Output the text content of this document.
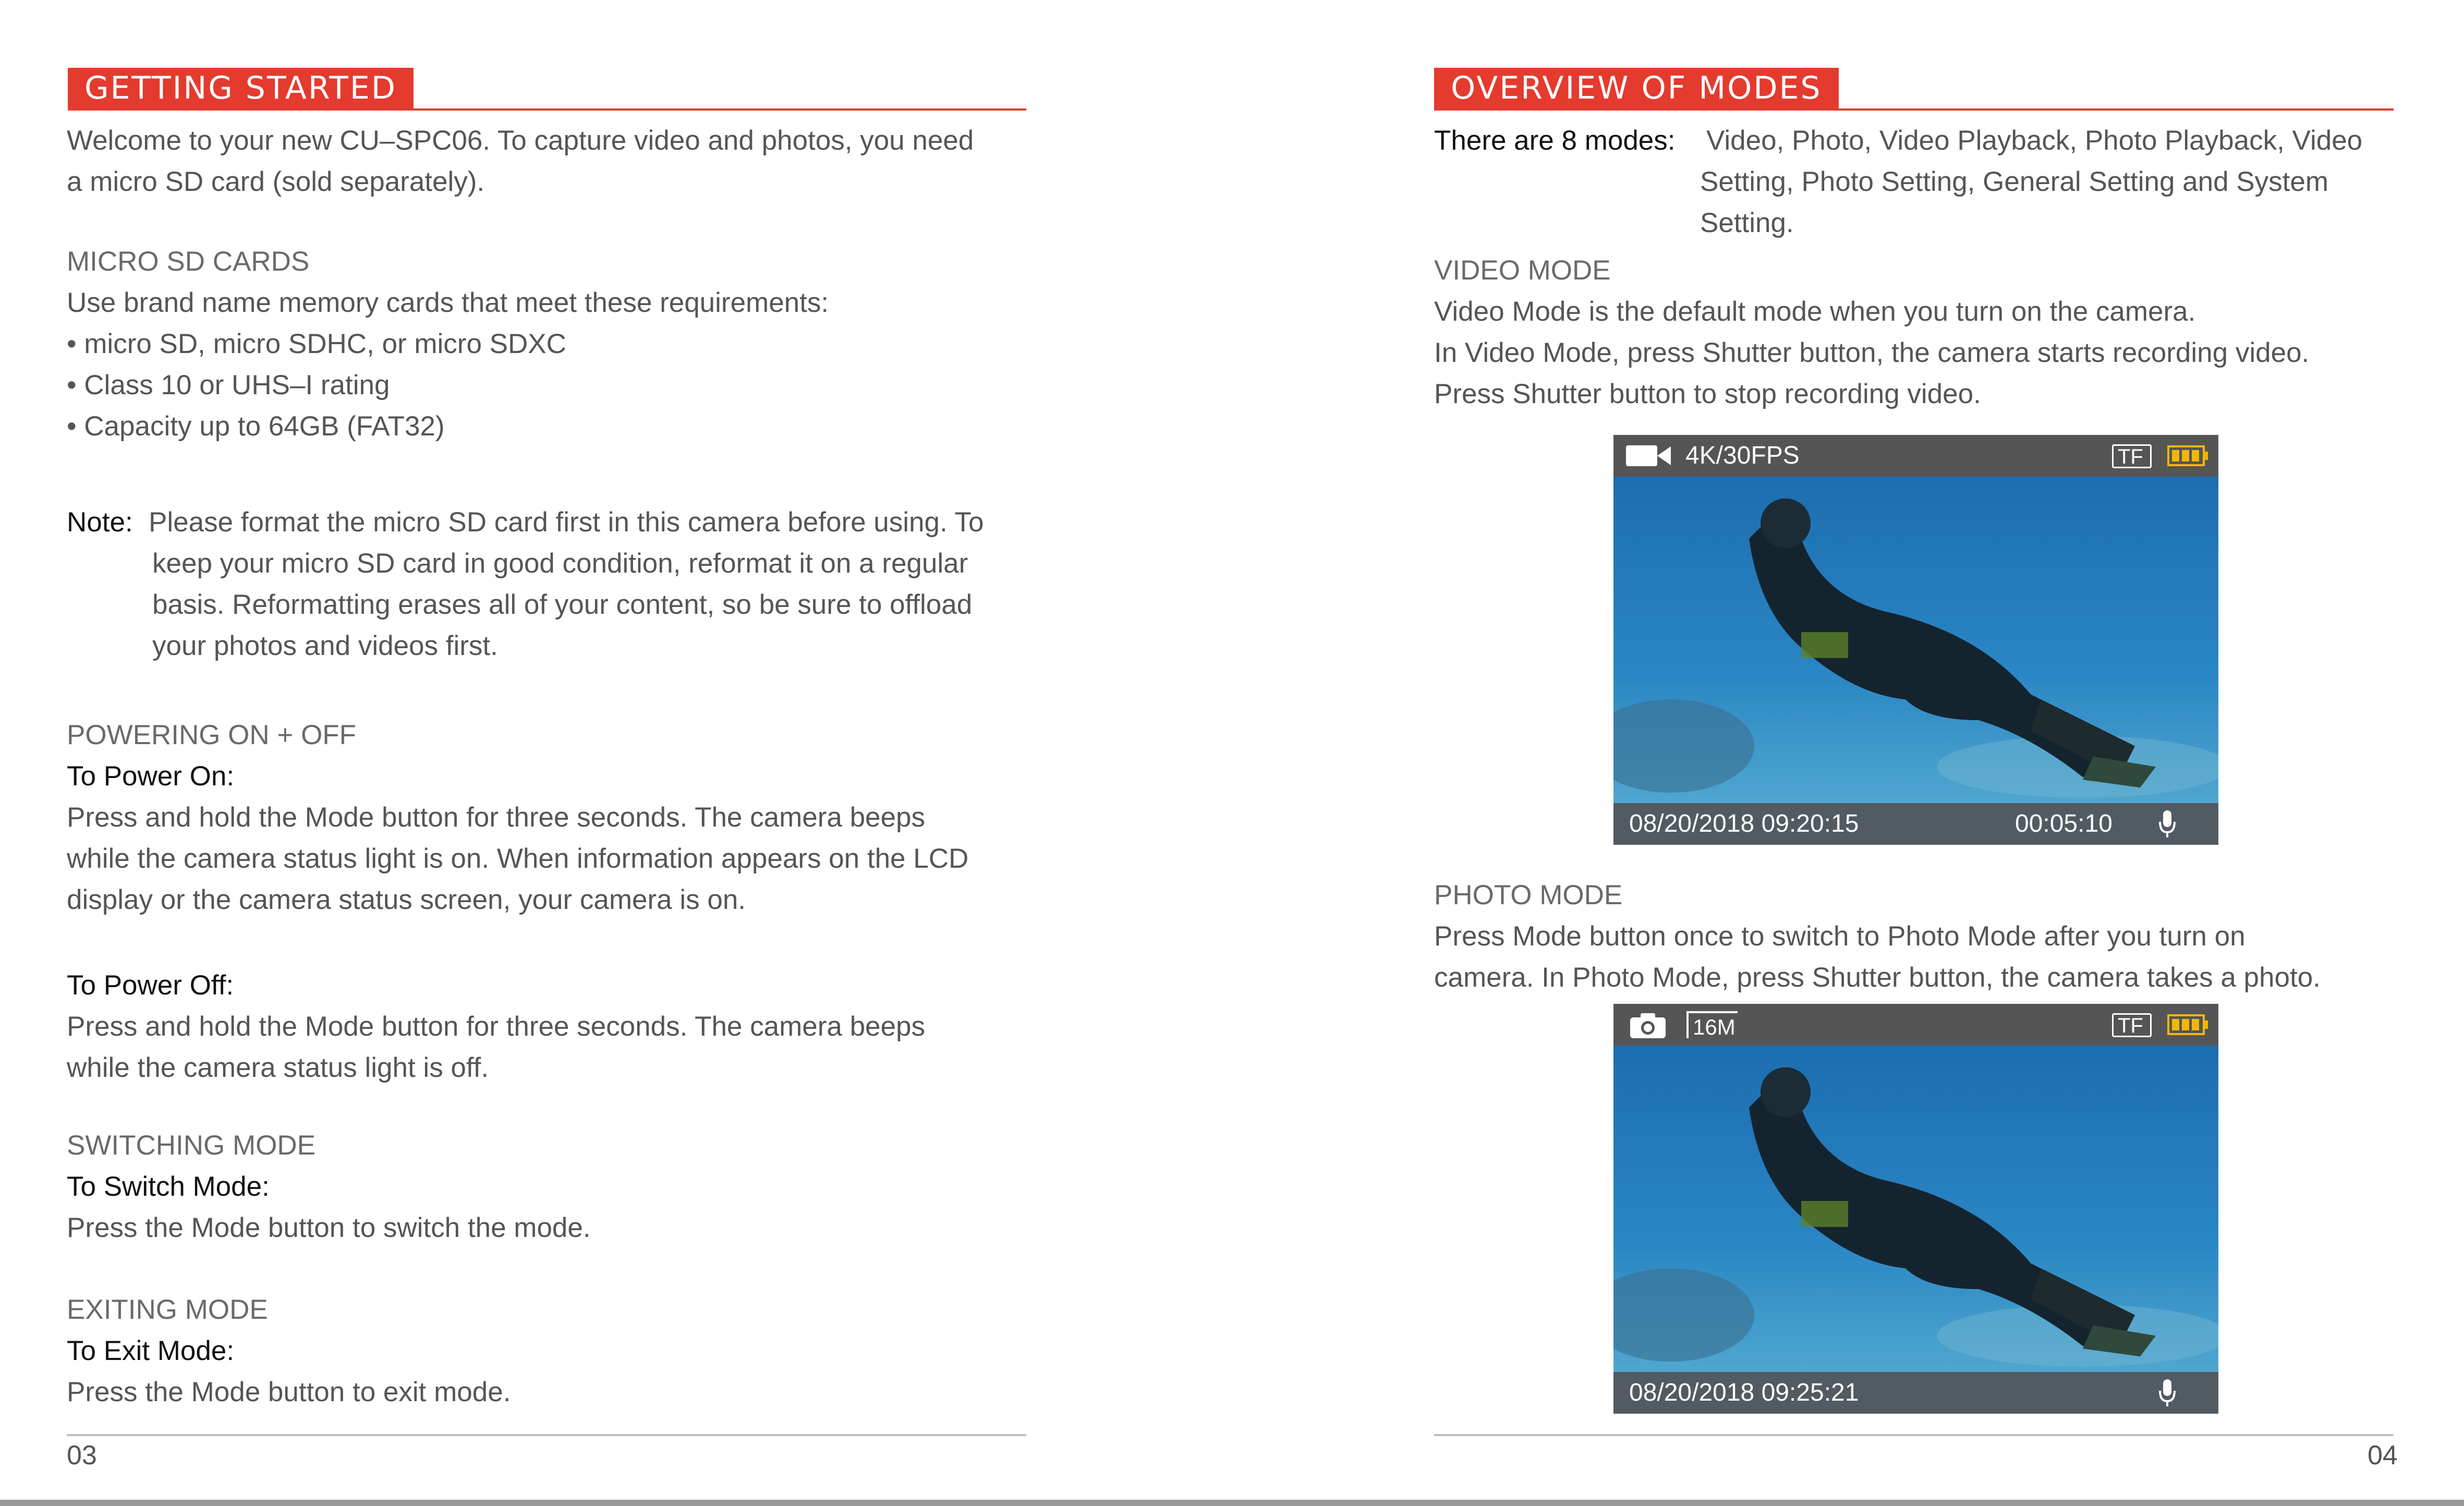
GETTING STARTED

Welcome to your new CU–SPC06. To capture video and photos, you need

a micro SD card (sold separately).

MICRO SD CARDS

Use brand name memory cards that meet these requirements:

• micro SD, micro SDHC, or micro SDXC

• Class 10 or UHS–I rating

• Capacity up to 64GB (FAT32)

Note: Please format the micro SD card first in this camera before using. To

keep your micro SD card in good condition, reformat it on a regular

basis. Reformatting erases all of your content, so be sure to offload

your photos and videos first.

POWERING ON + OFF

To Power On:

Press and hold the Mode button for three seconds. The camera beeps

while the camera status light is on. When information appears on the LCD

display or the camera status screen, your camera is on.

To Power Off:

Press and hold the Mode button for three seconds. The camera beeps

while the camera status light is off.

SWITCHING MODE

To Switch Mode:

Press the Mode button to switch the mode.

EXITING MODE

To Exit Mode:

Press the Mode button to exit mode.

03

OVERVIEW OF MODES

There are 8 modes: Video, Photo, Video Playback, Photo Playback, Video

Setting, Photo Setting, General Setting and System

Setting.

VIDEO MODE

Video Mode is the default mode when you turn on the camera.

In Video Mode, press Shutter button, the camera starts recording video.

Press Shutter button to stop recording video.

4K/30FPS	TF
08/20/2018 09:20:15	00:05:10

PHOTO MODE

Press Mode button once to switch to Photo Mode after you turn on

camera. In Photo Mode, press Shutter button, the camera takes a photo.

16M	TF
08/20/2018 09:25:21

04
